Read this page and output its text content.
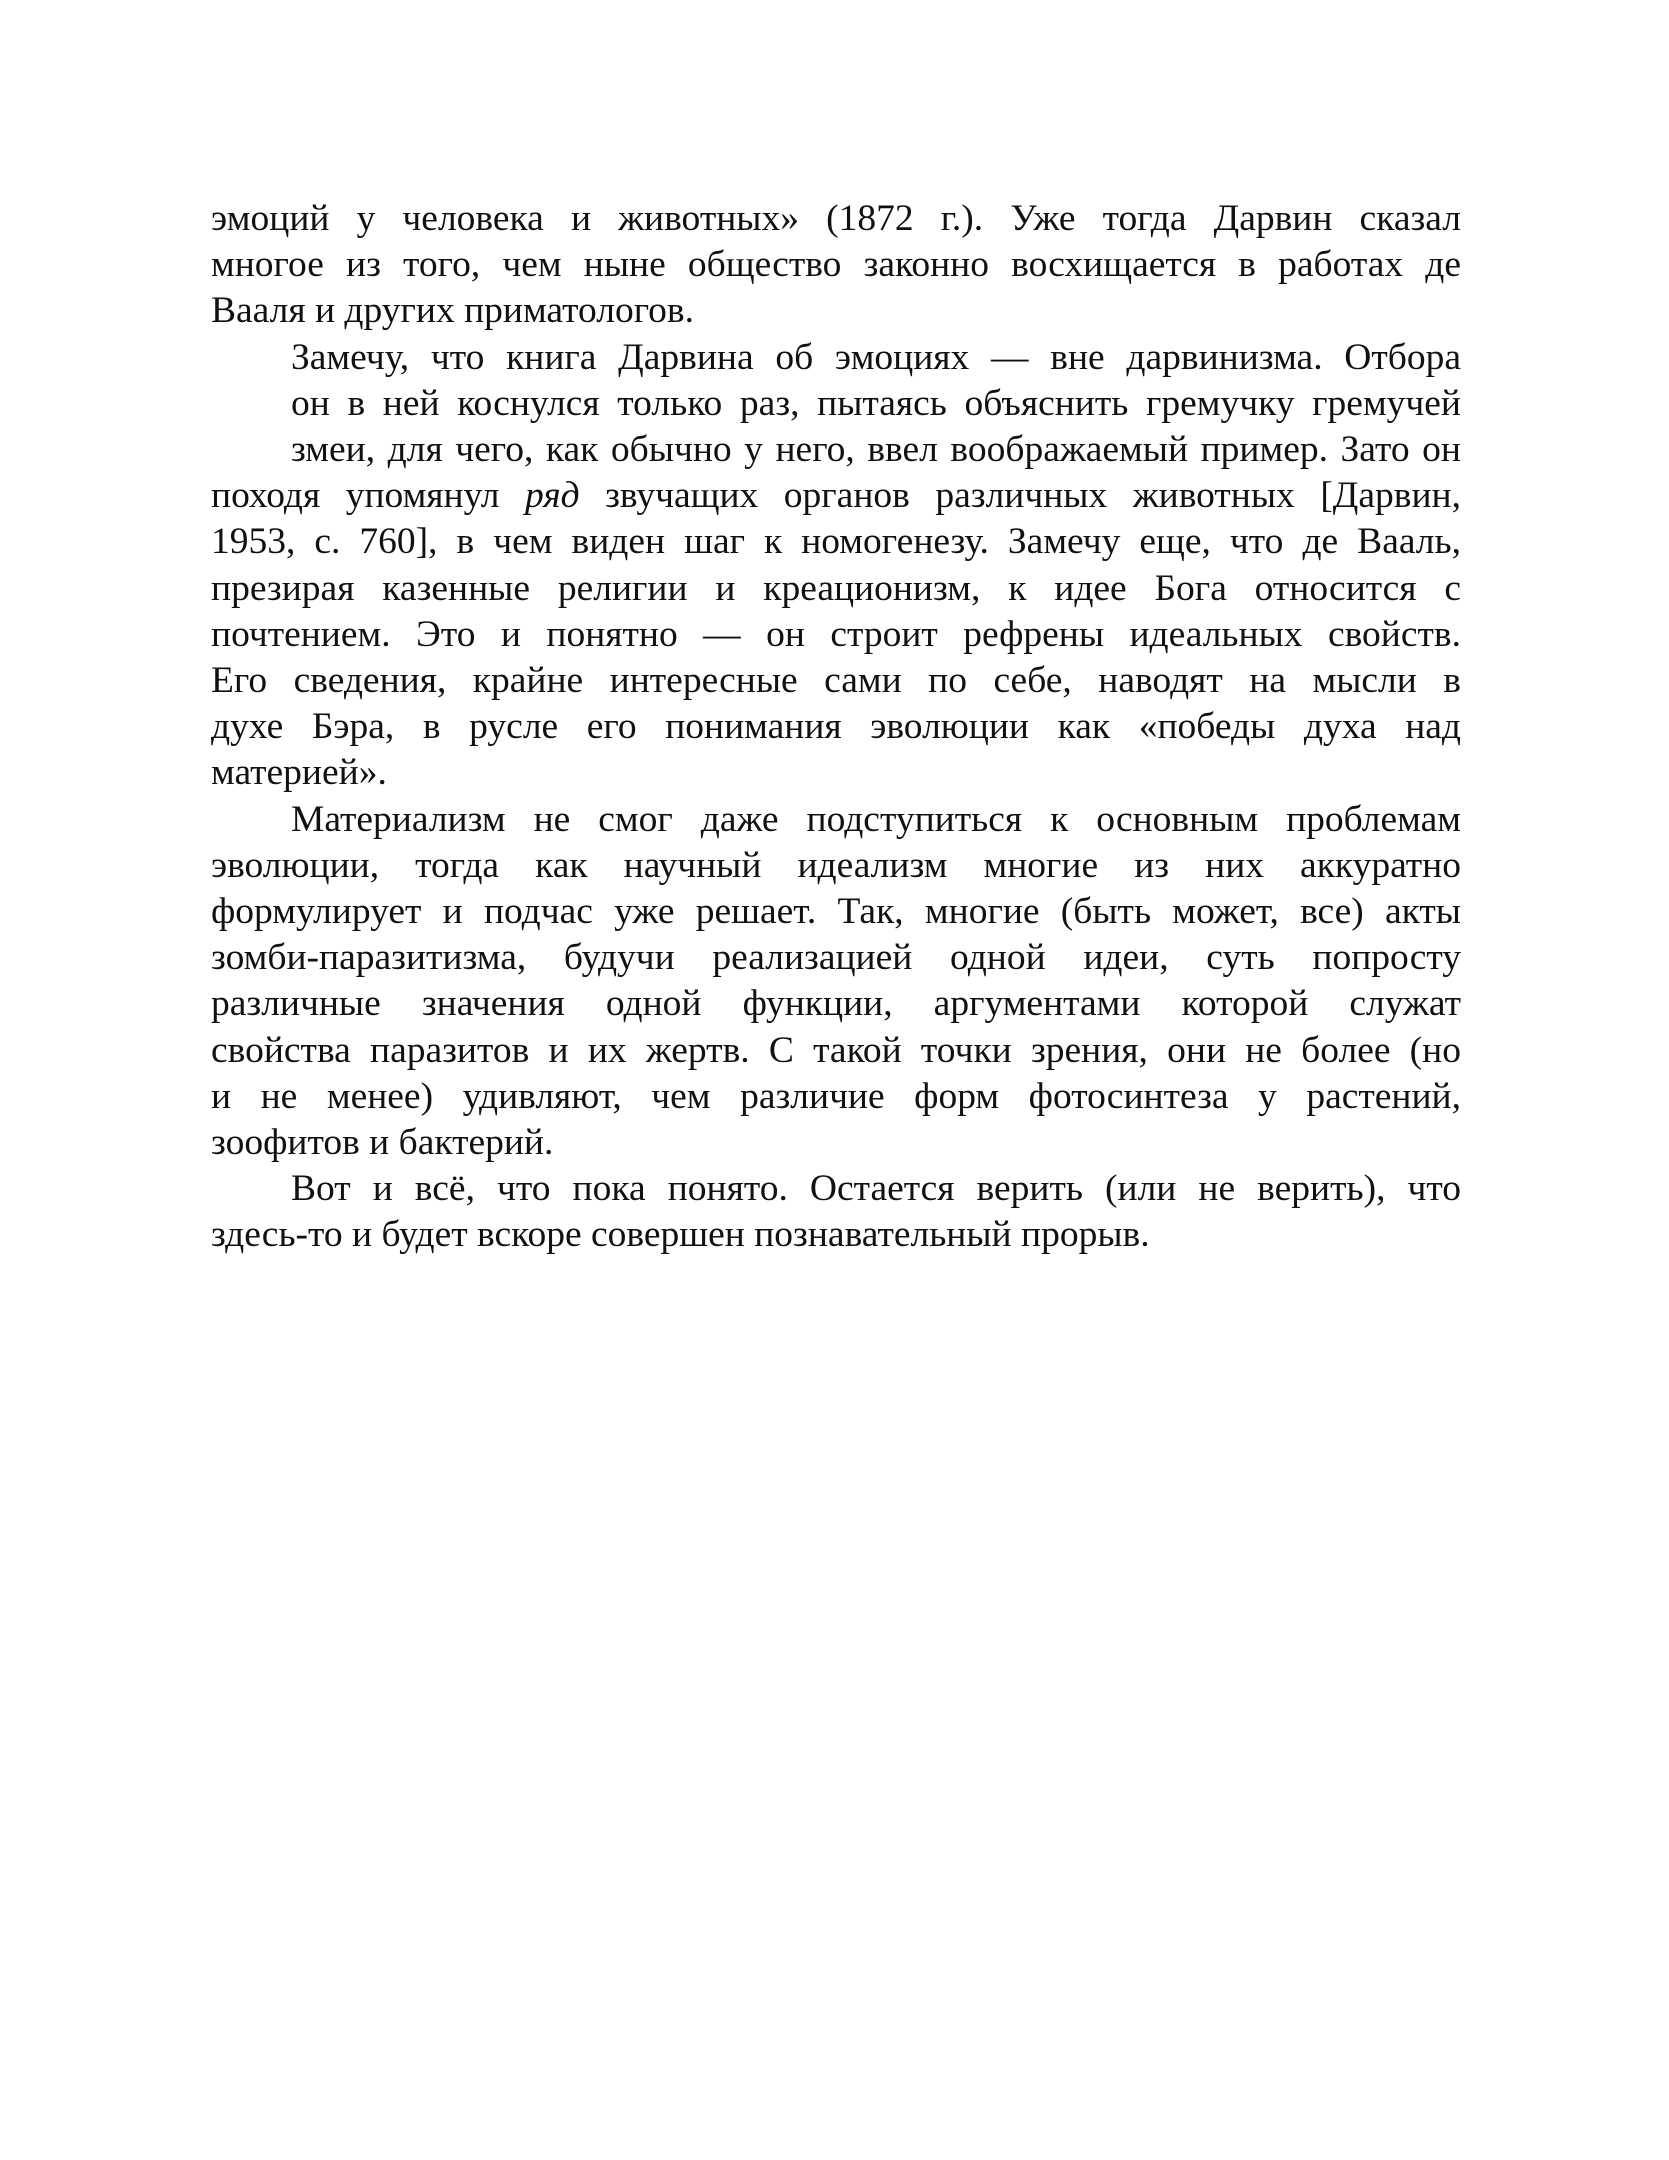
эмоций у человека и животных» (1872 г.). Уже тогда Дарвин сказал
многое из того, чем ныне общество законно восхищается в работах де
Вааля и других приматологов.

Замечу, что книга Дарвина об эмоциях — вне дарвинизма. Отбора
он в ней коснулся только раз, пытаясь объяснить гремучку гремучей
змеи, для чего, как обычно у него, ввел воображаемый пример. Зато он
походя упомянул ряд звучащих органов различных животных [Дарвин,
1953, с. 760], в чем виден шаг к номогенезу. Замечу еще, что де Вааль,
презирая казенные религии и креационизм, к идее Бога относится с
почтением. Это и понятно — он строит рефрены идеальных свойств.
Его сведения, крайне интересные сами по себе, наводят на мысли в
духе Бэра, в русле его понимания эволюции как «победы духа над
материей».

Материализм не смог даже подступиться к основным проблемам
эволюции, тогда как научный идеализм многие из них аккуратно
формулирует и подчас уже решает. Так, многие (быть может, все) акты
зомби-паразитизма, будучи реализацией одной идеи, суть попросту
различные значения одной функции, аргументами которой служат
свойства паразитов и их жертв. С такой точки зрения, они не более (но
и не менее) удивляют, чем различие форм фотосинтеза у растений,
зоофитов и бактерий.

Вот и всё, что пока понято. Остается верить (или не верить), что
здесь-то и будет вскоре совершен познавательный прорыв.
